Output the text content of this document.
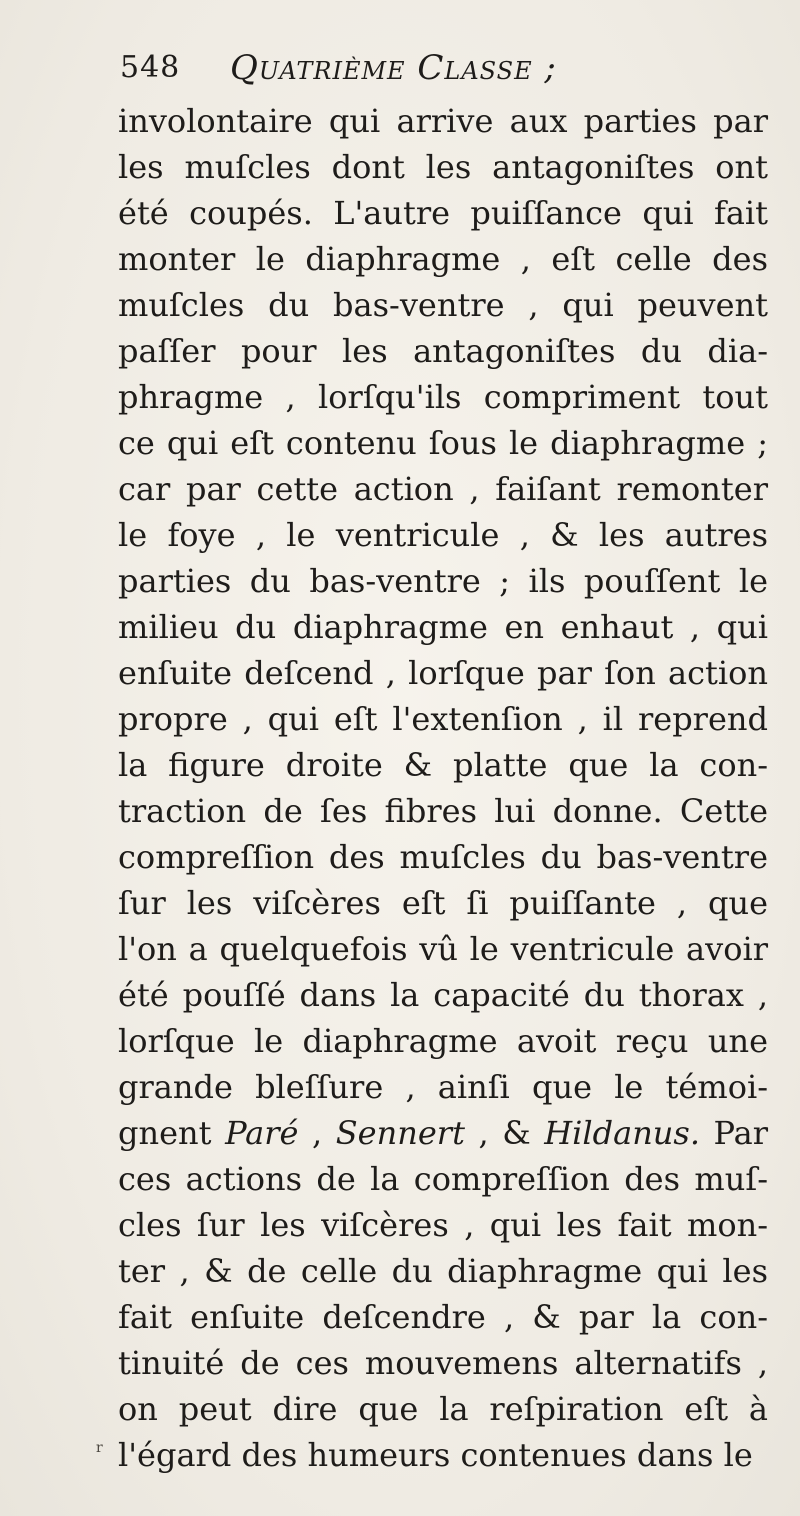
548 Quatrième Classe ;
involontaire qui arrive aux parties par
les muſcles dont les antagoniſtes ont
été coupés. L'autre puiſſance qui fait
monter le diaphragme , eſt celle des
muſcles du bas-ventre , qui peuvent
paſſer pour les antagoniſtes du dia-
phragme , lorſqu'ils compriment tout
ce qui eſt contenu ſous le diaphragme ;
car par cette action , faiſant remonter
le foye , le ventricule , & les autres
parties du bas-ventre ; ils pouſſent le
milieu du diaphragme en enhaut , qui
enſuite deſcend , lorſque par ſon action
propre , qui eſt l'extenſion , il reprend
la figure droite & platte que la con-
traction de ſes fibres lui donne. Cette
compreſſion des muſcles du bas-ventre
ſur les viſcères eſt ſi puiſſante , que
l'on a quelquefois vû le ventricule avoir
été pouſſé dans la capacité du thorax ,
lorſque le diaphragme avoit reçu une
grande bleſſure , ainſi que le témoi-
gnent Paré , Sennert , & Hildanus. Par
ces actions de la compreſſion des muſ-
cles ſur les viſcères , qui les fait mon-
ter , & de celle du diaphragme qui les
fait enſuite deſcendre , & par la con-
tinuité de ces mouvemens alternatifs ,
on peut dire que la reſpiration eſt à
l'égard des humeurs contenues dans le
r
